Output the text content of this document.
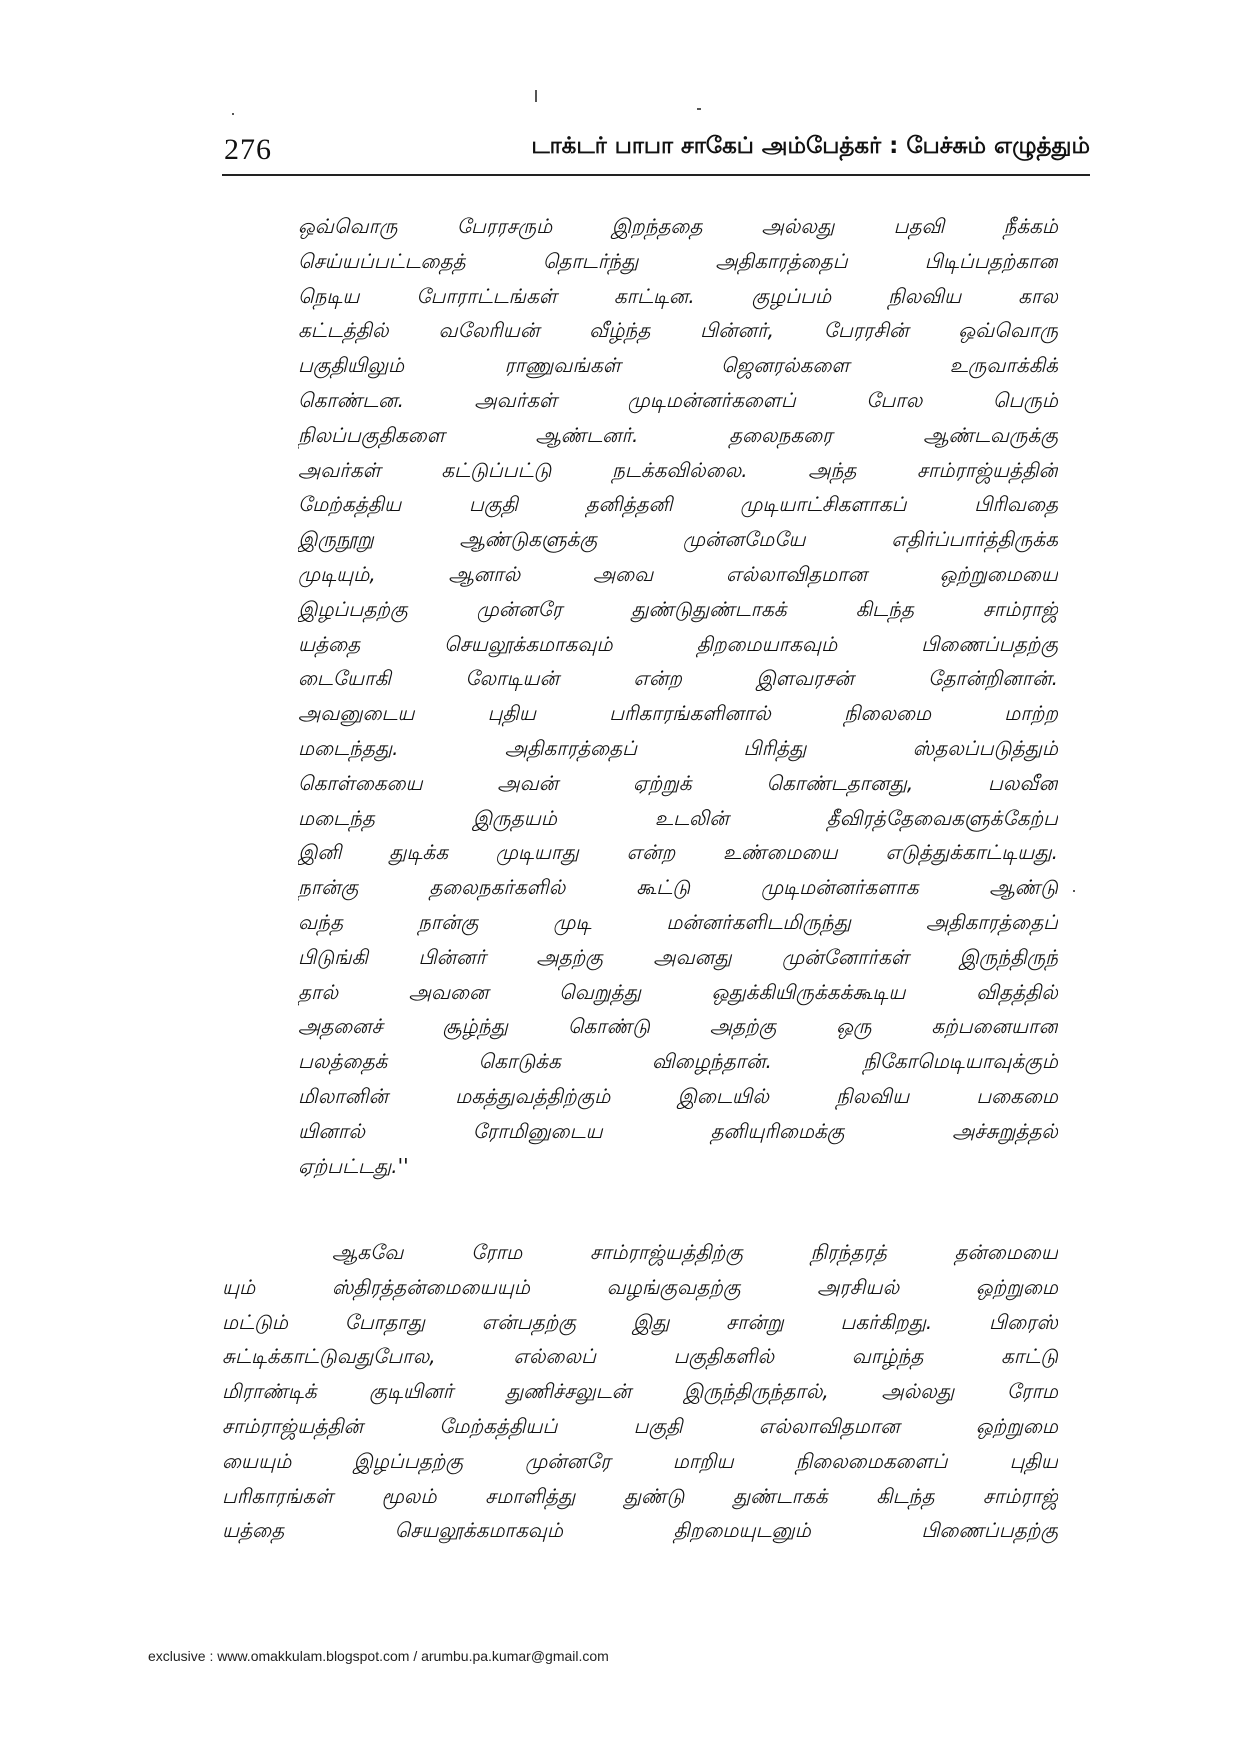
276	டாக்டர் பாபா சாகேப் அம்பேத்கர் : பேச்சும் எழுத்தும்
ஒவ்வொரு பேரரசரும் இறந்ததை அல்லது பதவி நீக்கம்
செய்யப்பட்டதைத் தொடர்ந்து அதிகாரத்தைப் பிடிப்பதற்கான
நெடிய போராட்டங்கள் காட்டின. குழப்பம் நிலவிய கால
கட்டத்தில் வலேரியன் வீழ்ந்த பின்னர், பேரரசின் ஒவ்வொரு
பகுதியிலும் ராணுவங்கள் ஜெனரல்களை உருவாக்கிக்
கொண்டன. அவர்கள் முடிமன்னர்களைப் போல பெரும்
நிலப்பகுதிகளை ஆண்டனர். தலைநகரை ஆண்டவருக்கு
அவர்கள் கட்டுப்பட்டு நடக்கவில்லை. அந்த சாம்ராஜ்யத்தின்
மேற்கத்திய பகுதி தனித்தனி முடியாட்சிகளாகப் பிரிவதை
இருநூறு ஆண்டுகளுக்கு முன்னமேயே எதிர்ப்பார்த்திருக்க
முடியும், ஆனால் அவை எல்லாவிதமான ஒற்றுமையை
இழப்பதற்கு முன்னரே துண்டுதுண்டாகக் கிடந்த சாம்ராஜ்
யத்தை செயலூக்கமாகவும் திறமையாகவும் பிணைப்பதற்கு
டையோகி லோடியன் என்ற இளவரசன் தோன்றினான்.
அவனுடைய புதிய பரிகாரங்களினால் நிலைமை மாற்ற
மடைந்தது. அதிகாரத்தைப் பிரித்து ஸ்தலப்படுத்தும்
கொள்கையை அவன் ஏற்றுக் கொண்டதானது, பலவீன
மடைந்த இருதயம் உடலின் தீவிரத்தேவைகளுக்கேற்ப
இனி துடிக்க முடியாது என்ற உண்மையை எடுத்துக்காட்டியது.
நான்கு தலைநகர்களில் கூட்டு முடிமன்னர்களாக ஆண்டு
வந்த நான்கு முடி மன்னர்களிடமிருந்து அதிகாரத்தைப்
பிடுங்கி பின்னர் அதற்கு அவனது முன்னோர்கள் இருந்திருந்
தால் அவனை வெறுத்து ஒதுக்கியிருக்கக்கூடிய விதத்தில்
அதனைச் சூழ்ந்து கொண்டு அதற்கு ஒரு கற்பனையான
பலத்தைக் கொடுக்க விழைந்தான். நிகோமெடியாவுக்கும்
மிலானின் மகத்துவத்திற்கும் இடையில் நிலவிய பகைமை
யினால் ரோமினுடைய தனியுரிமைக்கு அச்சுறுத்தல்
ஏற்பட்டது.''
ஆகவே ரோம சாம்ராஜ்யத்திற்கு நிரந்தரத் தன்மையை
யும் ஸ்திரத்தன்மையையும் வழங்குவதற்கு அரசியல் ஒற்றுமை
மட்டும் போதாது என்பதற்கு இது சான்று பகர்கிறது. பிரைஸ்
சுட்டிக்காட்டுவதுபோல, எல்லைப் பகுதிகளில் வாழ்ந்த காட்டு
மிராண்டிக் குடியினர் துணிச்சலுடன் இருந்திருந்தால், அல்லது ரோம
சாம்ராஜ்யத்தின் மேற்கத்தியப் பகுதி எல்லாவிதமான ஒற்றுமை
யையும் இழப்பதற்கு முன்னரே மாறிய நிலைமைகளைப் புதிய
பரிகாரங்கள் மூலம் சமாளித்து துண்டு துண்டாகக் கிடந்த சாம்ராஜ்
யத்தை செயலூக்கமாகவும் திறமையுடனும் பிணைப்பதற்கு
exclusive : www.omakkulam.blogspot.com / arumbu.pa.kumar@gmail.com
